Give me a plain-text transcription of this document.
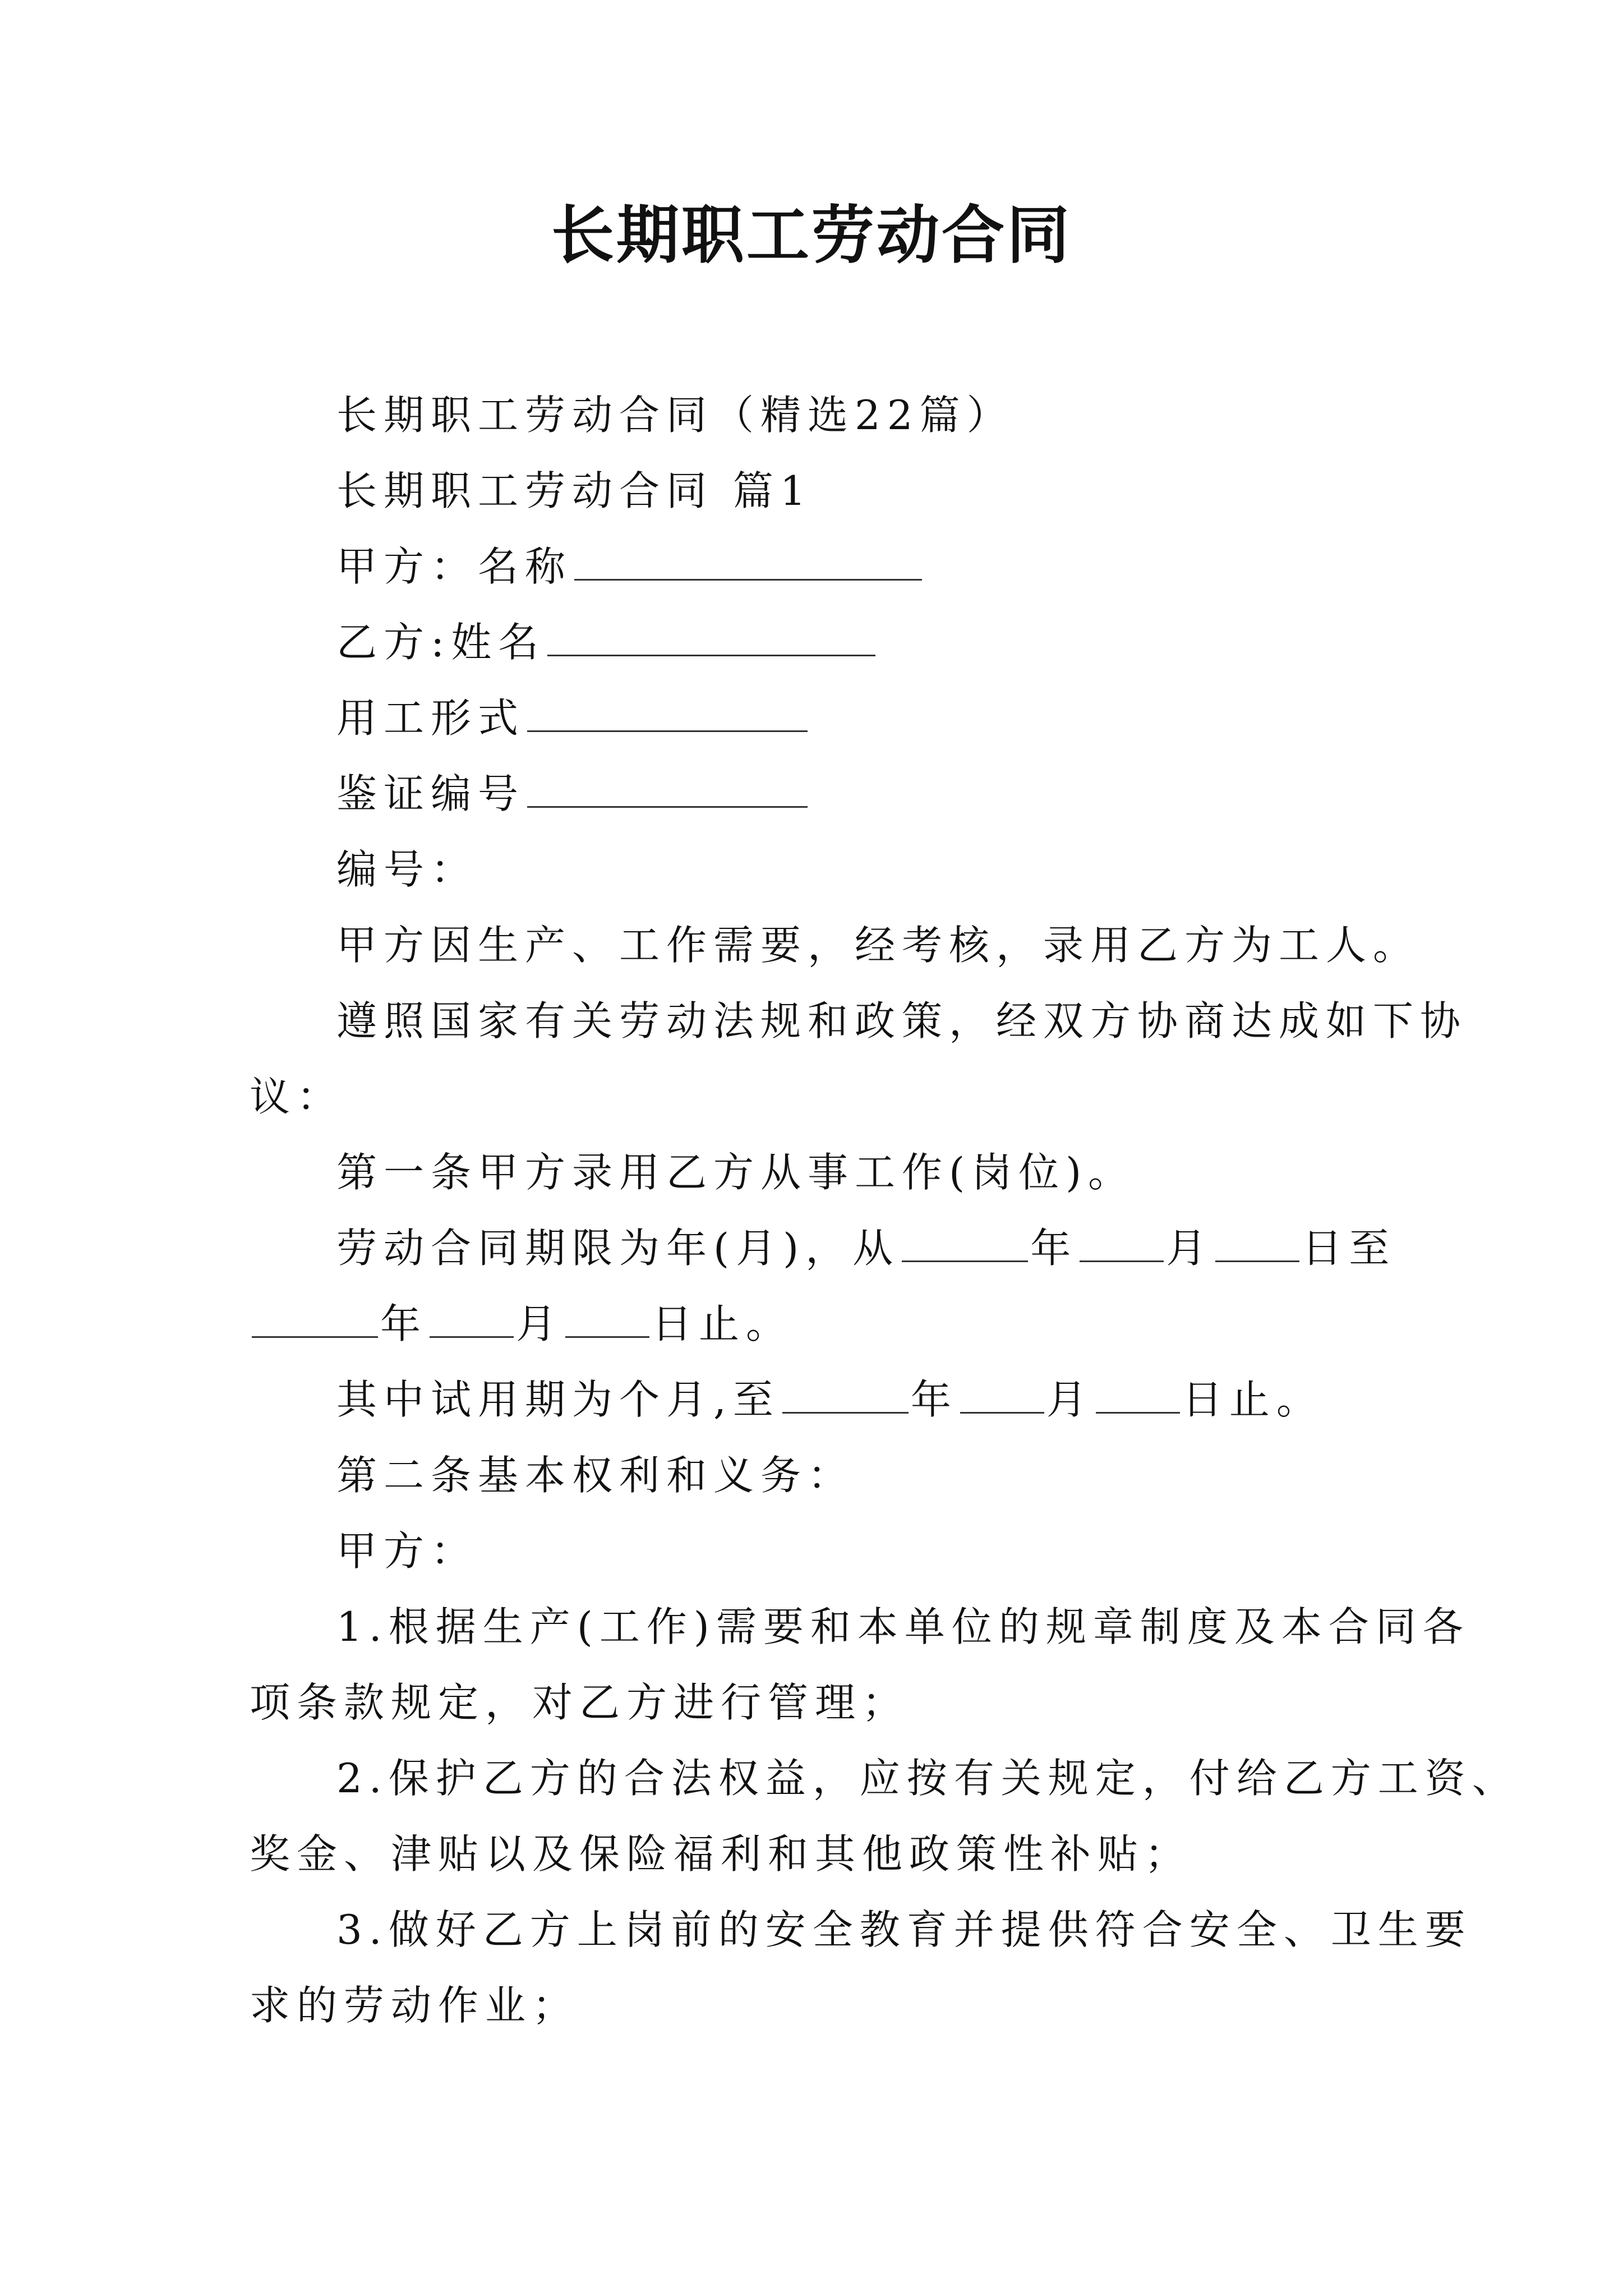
长期职工劳动合同
长期职工劳动合同（精选22篇）
长期职工劳动合同 篇1
甲方：名称
乙方:姓名
用工形式
鉴证编号
编号：
甲方因生产、工作需要，经考核，录用乙方为工人。
遵照国家有关劳动法规和政策，经双方协商达成如下协
议：
第一条甲方录用乙方从事工作(岗位)。
劳动合同期限为年(月)，从	年 月 日至
年 月 日止。
其中试用期为个月,至	年 月 日止。
第二条基本权利和义务：
甲方：
1.根据生产(工作)需要和本单位的规章制度及本合同各
项条款规定，对乙方进行管理；
2.保护乙方的合法权益，应按有关规定，付给乙方工资、
奖金、津贴以及保险福利和其他政策性补贴；
3.做好乙方上岗前的安全教育并提供符合安全、卫生要
求的劳动作业；
